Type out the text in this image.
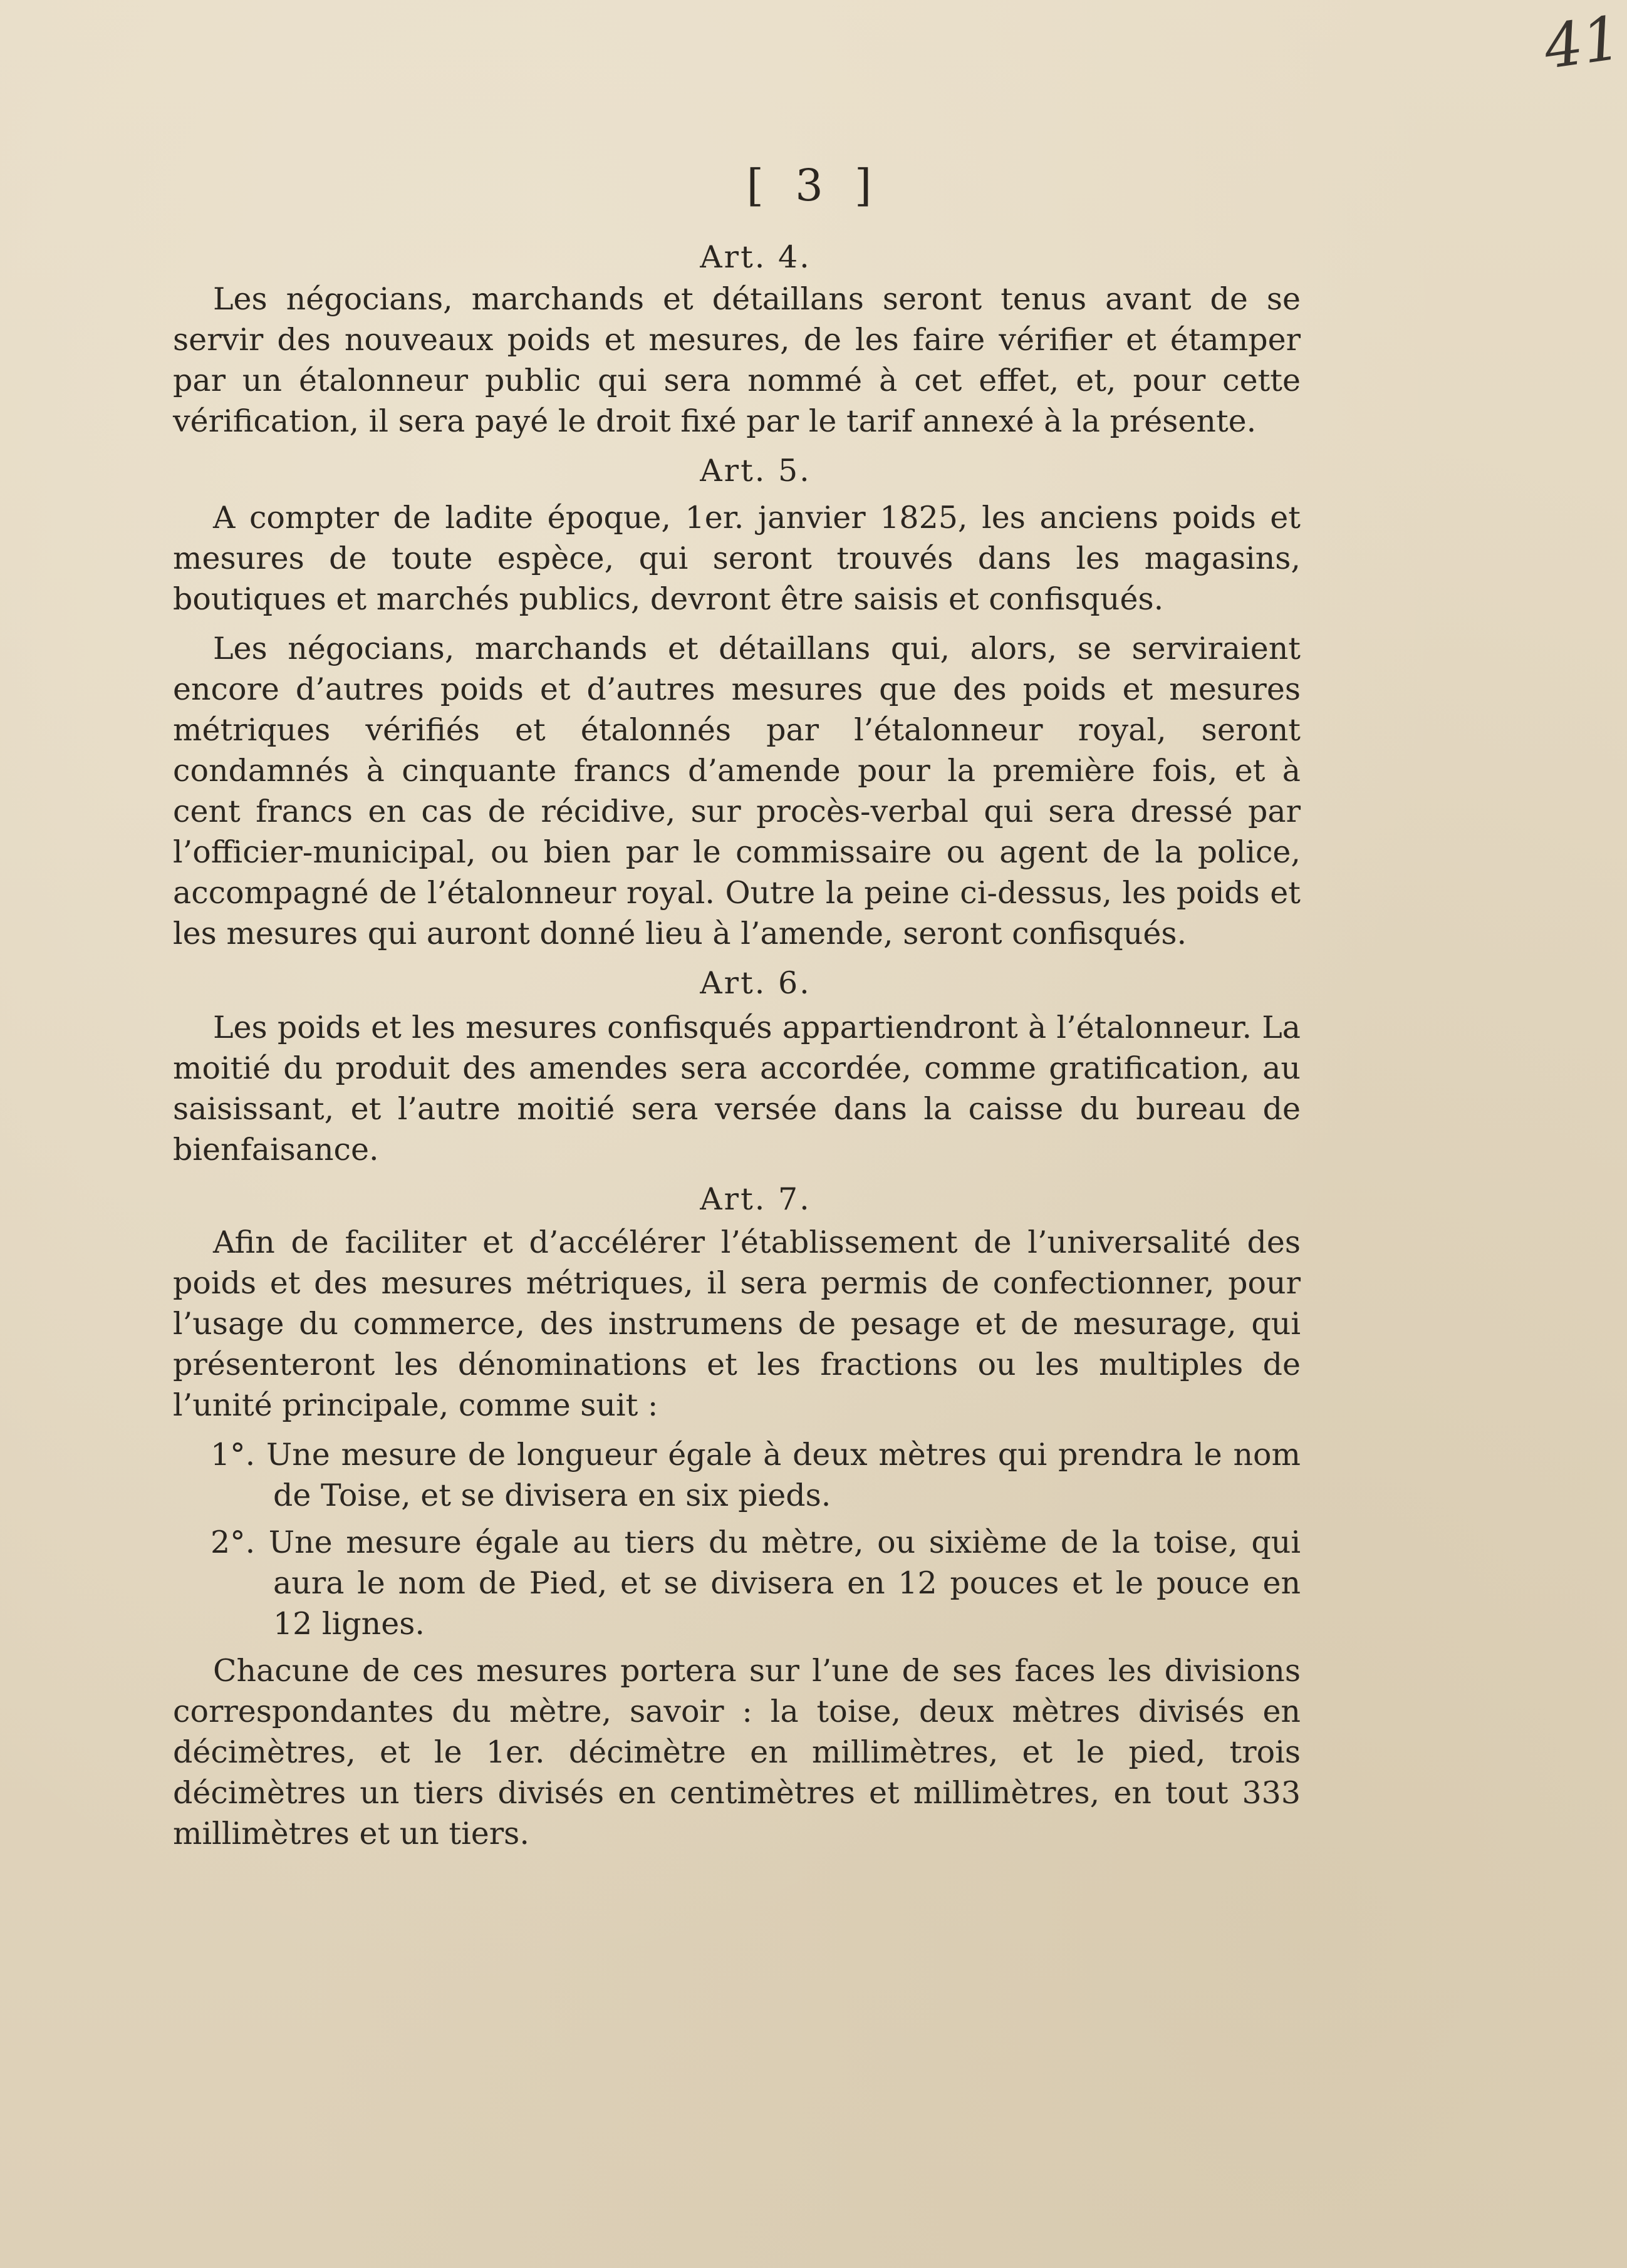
41
[ 3 ]

Art. 4.

Les négocians, marchands et détaillans seront tenus avant de se servir des nouveaux poids et mesures, de les faire vérifier et étamper par un étalonneur public qui sera nommé à cet effet, et, pour cette vérification, il sera payé le droit fixé par le tarif annexé à la présente.

Art. 5.

A compter de ladite époque, 1er. janvier 1825, les anciens poids et mesures de toute espèce, qui seront trouvés dans les magasins, boutiques et marchés publics, devront être saisis et confisqués.

Les négocians, marchands et détaillans qui, alors, se serviraient encore d’autres poids et d’autres mesures que des poids et mesures métriques vérifiés et étalonnés par l’étalonneur royal, seront condamnés à cinquante francs d’amende pour la première fois, et à cent francs en cas de récidive, sur procès-verbal qui sera dressé par l’officier-municipal, ou bien par le commissaire ou agent de la police, accompagné de l’étalonneur royal. Outre la peine ci-dessus, les poids et les mesures qui auront donné lieu à l’amende, seront confisqués.

Art. 6.

Les poids et les mesures confisqués appartiendront à l’étalonneur. La moitié du produit des amendes sera accordée, comme gratification, au saisissant, et l’autre moitié sera versée dans la caisse du bureau de bienfaisance.

Art. 7.

Afin de faciliter et d’accélérer l’établissement de l’universalité des poids et des mesures métriques, il sera permis de confectionner, pour l’usage du commerce, des instrumens de pesage et de mesurage, qui présenteront les dénominations et les fractions ou les multiples de l’unité principale, comme suit :

1°. Une mesure de longueur égale à deux mètres qui prendra le nom de Toise, et se divisera en six pieds.

2°. Une mesure égale au tiers du mètre, ou sixième de la toise, qui aura le nom de Pied, et se divisera en 12 pouces et le pouce en 12 lignes.

Chacune de ces mesures portera sur l’une de ses faces les divisions correspondantes du mètre, savoir : la toise, deux mètres divisés en décimètres, et le 1er. décimètre en millimètres, et le pied, trois décimètres un tiers divisés en centimètres et millimètres, en tout 333 millimètres et un tiers.
